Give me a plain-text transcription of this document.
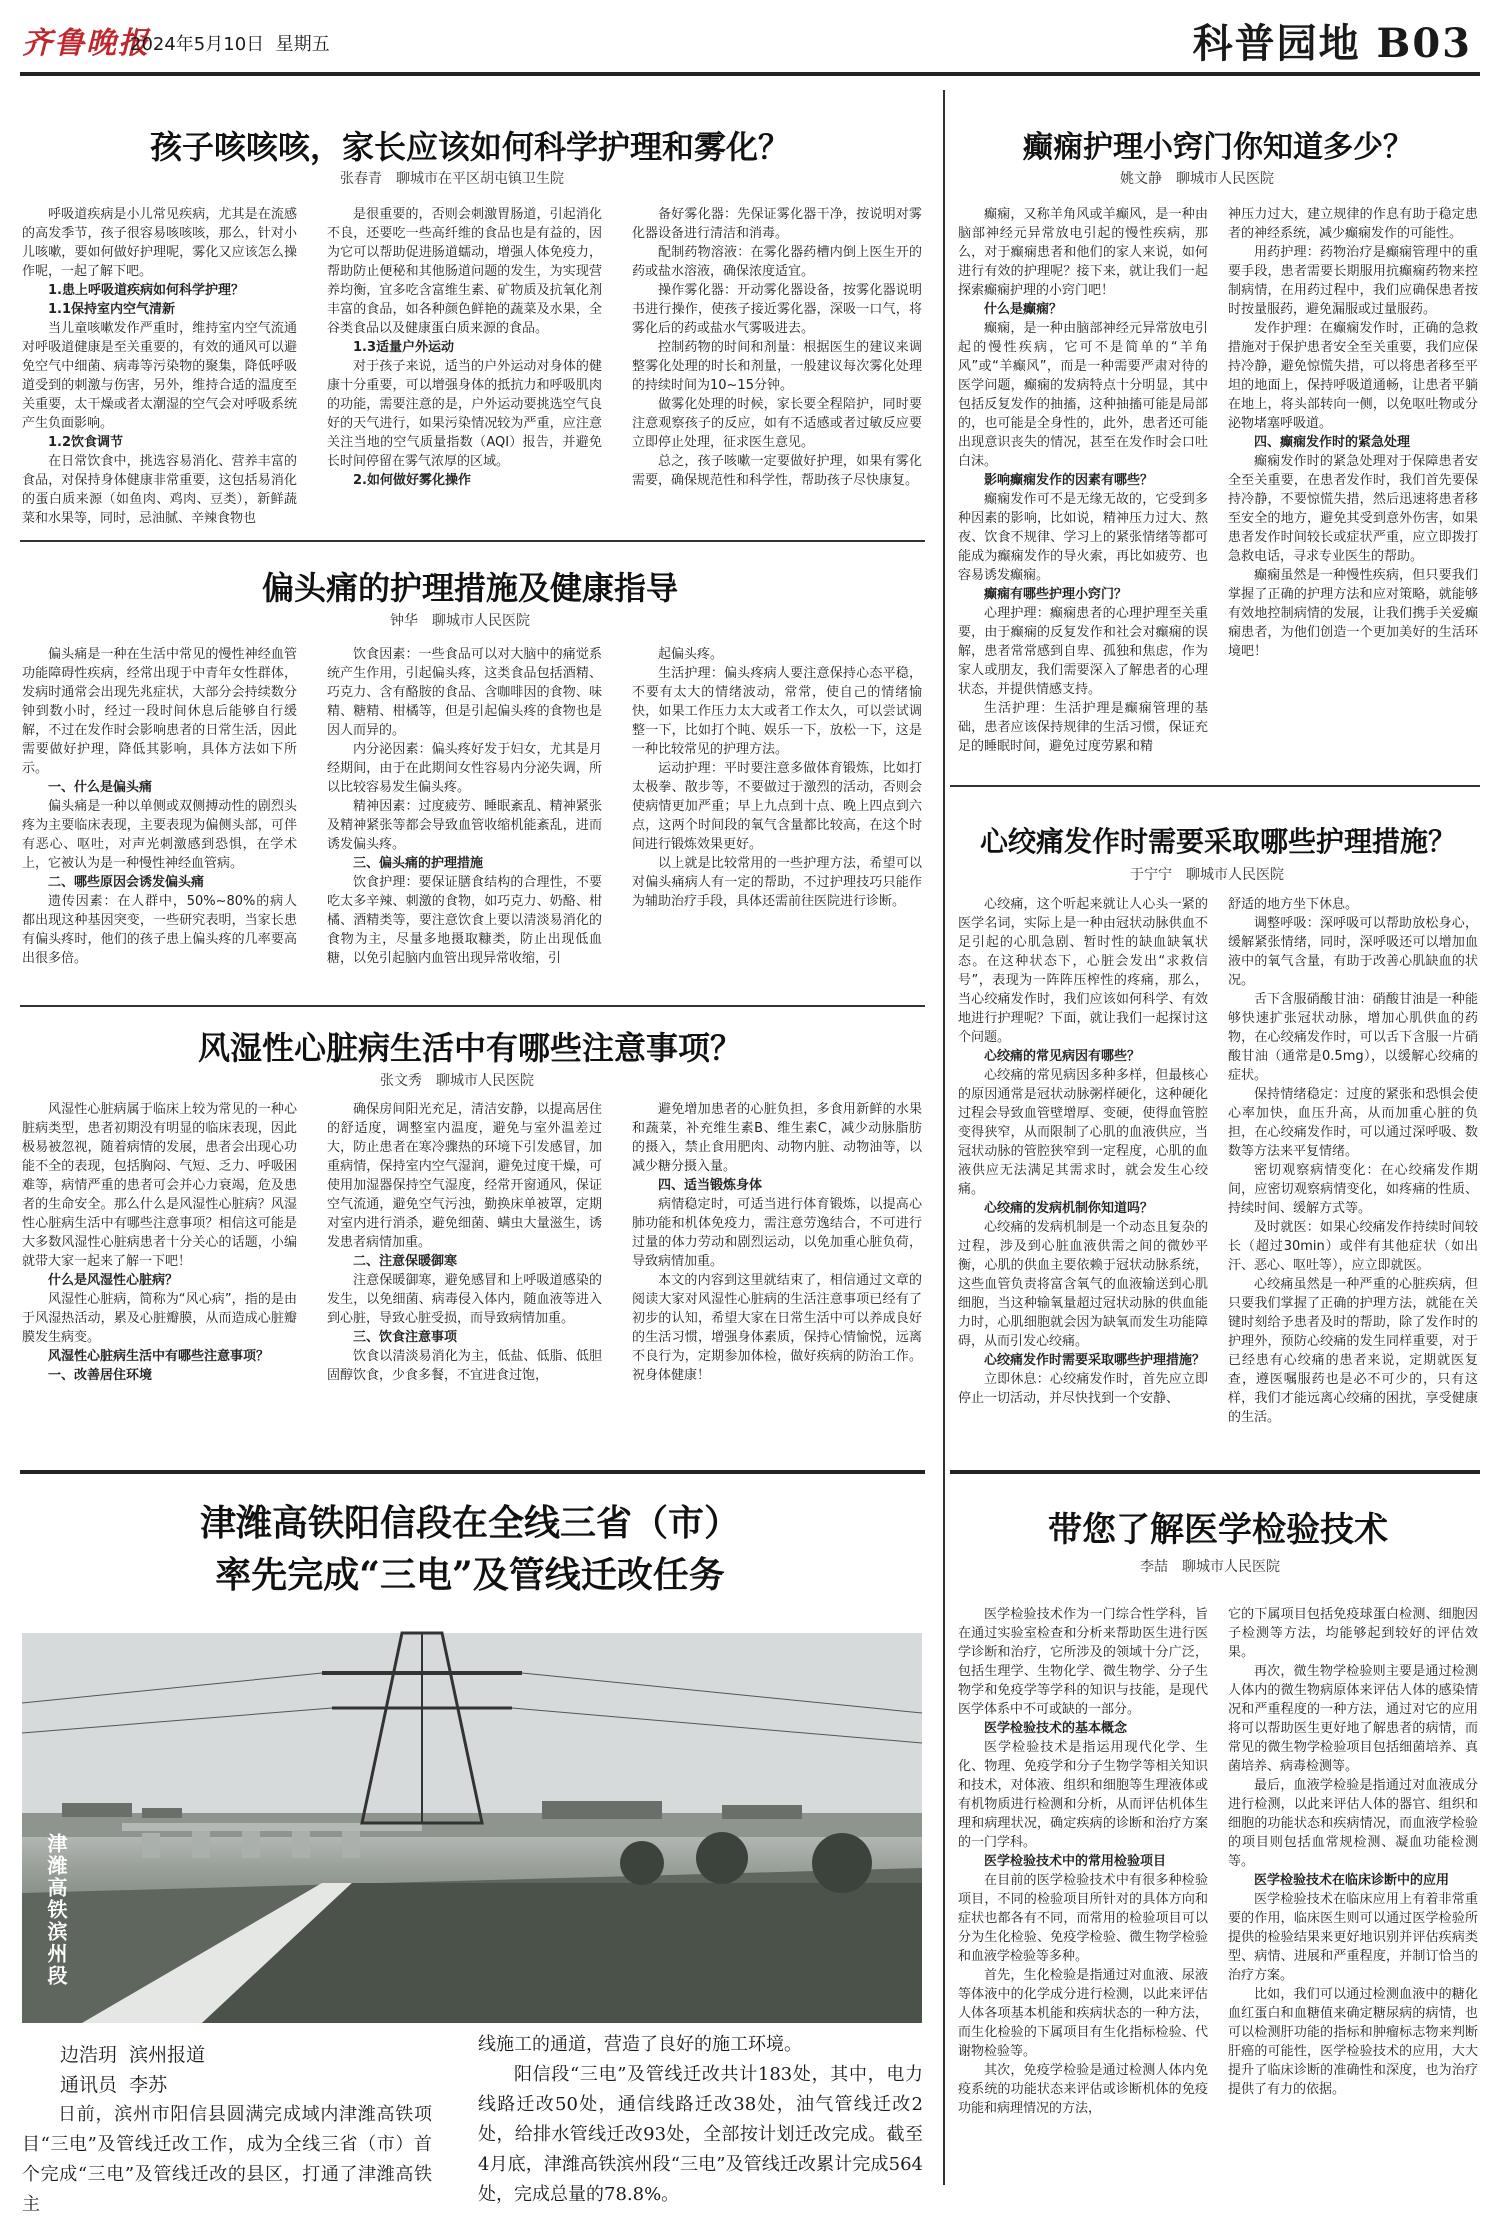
齐鲁晚报
2024年5月10日 星期五	科普园地 B03
孩子咳咳咳，家长应该如何科学护理和雾化？
张春青　聊城市在平区胡屯镇卫生院

呼吸道疾病是小儿常见疾病，尤其是在流感的高发季节，孩子很容易咳咳咳，那么，针对小儿咳嗽，要如何做好护理呢，雾化又应该怎么操作呢，一起了解下吧。

1.患上呼吸道疾病如何科学护理？

1.1保持室内空气清新

当儿童咳嗽发作严重时，维持室内空气流通对呼吸道健康是至关重要的，有效的通风可以避免空气中细菌、病毒等污染物的聚集，降低呼吸道受到的刺激与伤害，另外，维持合适的温度至关重要，太干燥或者太潮湿的空气会对呼吸系统产生负面影响。

1.2饮食调节

在日常饮食中，挑选容易消化、营养丰富的食品，对保持身体健康非常重要，这包括易消化的蛋白质来源（如鱼肉、鸡肉、豆类），新鲜蔬菜和水果等，同时，忌油腻、辛辣食物也

是很重要的，否则会刺激胃肠道，引起消化不良，还要吃一些高纤维的食品也是有益的，因为它可以帮助促进肠道蠕动，增强人体免疫力，帮助防止便秘和其他肠道问题的发生，为实现营养均衡，宜多吃含富维生素、矿物质及抗氧化剂丰富的食品，如各种颜色鲜艳的蔬菜及水果，全谷类食品以及健康蛋白质来源的食品。

1.3适量户外运动

对于孩子来说，适当的户外运动对身体的健康十分重要，可以增强身体的抵抗力和呼吸肌肉的功能，需要注意的是，户外运动要挑选空气良好的天气进行，如果污染情况较为严重，应注意关注当地的空气质量指数（AQI）报告，并避免长时间停留在雾气浓厚的区域。

2.如何做好雾化操作

备好雾化器：先保证雾化器干净，按说明对雾化器设备进行清洁和消毒。

配制药物溶液：在雾化器药槽内倒上医生开的药或盐水溶液，确保浓度适宜。

操作雾化器：开动雾化器设备，按雾化器说明书进行操作，使孩子接近雾化器，深吸一口气，将雾化后的药或盐水气雾吸进去。

控制药物的时间和剂量：根据医生的建议来调整雾化处理的时长和剂量，一般建议每次雾化处理的持续时间为10~15分钟。

做雾化处理的时候，家长要全程陪护，同时要注意观察孩子的反应，如有不适感或者过敏反应要立即停止处理，征求医生意见。

总之，孩子咳嗽一定要做好护理，如果有雾化需要，确保规范性和科学性，帮助孩子尽快康复。

偏头痛的护理措施及健康指导
钟华　聊城市人民医院

偏头痛是一种在生活中常见的慢性神经血管功能障碍性疾病，经常出现于中青年女性群体，发病时通常会出现先兆症状，大部分会持续数分钟到数小时，经过一段时间休息后能够自行缓解，不过在发作时会影响患者的日常生活，因此需要做好护理，降低其影响，具体方法如下所示。

一、什么是偏头痛

偏头痛是一种以单侧或双侧搏动性的剧烈头疼为主要临床表现，主要表现为偏侧头部，可伴有恶心、呕吐，对声光刺激感到恐惧，在学术上，它被认为是一种慢性神经血管病。

二、哪些原因会诱发偏头痛

遗传因素：在人群中，50%~80%的病人都出现这种基因突变，一些研究表明，当家长患有偏头疼时，他们的孩子患上偏头疼的几率要高出很多倍。

饮食因素：一些食品可以对大脑中的痛觉系统产生作用，引起偏头疼，这类食品包括酒精、巧克力、含有酪胺的食品、含咖啡因的食物、味精、糖精、柑橘等，但是引起偏头疼的食物也是因人而异的。

内分泌因素：偏头疼好发于妇女，尤其是月经期间，由于在此期间女性容易内分泌失调，所以比较容易发生偏头疼。

精神因素：过度疲劳、睡眠紊乱、精神紧张及精神紧张等都会导致血管收缩机能紊乱，进而诱发偏头疼。

三、偏头痛的护理措施

饮食护理：要保证膳食结构的合理性，不要吃太多辛辣、刺激的食物，如巧克力、奶酪、柑橘、酒精类等，要注意饮食上要以清淡易消化的食物为主，尽量多地摄取糠类，防止出现低血糖，以免引起脑内血管出现异常收缩，引

起偏头疼。

生活护理：偏头疼病人要注意保持心态平稳，不要有太大的情绪波动，常常，使自己的情绪愉快，如果工作压力太大或者工作太久，可以尝试调整一下，比如打个盹、娱乐一下，放松一下，这是一种比较常见的护理方法。

运动护理：平时要注意多做体育锻炼，比如打太极拳、散步等，不要做过于激烈的活动，否则会使病情更加严重；早上九点到十点、晚上四点到六点，这两个时间段的氧气含量都比较高，在这个时间进行锻炼效果更好。

以上就是比较常用的一些护理方法，希望可以对偏头痛病人有一定的帮助，不过护理技巧只能作为辅助治疗手段，具体还需前往医院进行诊断。

风湿性心脏病生活中有哪些注意事项？
张文秀　聊城市人民医院

风湿性心脏病属于临床上较为常见的一种心脏病类型，患者初期没有明显的临床表现，因此极易被忽视，随着病情的发展，患者会出现心功能不全的表现，包括胸闷、气短、乏力、呼吸困难等，病情严重的患者可会并心力衰竭，危及患者的生命安全。那么什么是风湿性心脏病？风湿性心脏病生活中有哪些注意事项？相信这可能是大多数风湿性心脏病患者十分关心的话题，小编就带大家一起来了解一下吧！

什么是风湿性心脏病？

风湿性心脏病，简称为“风心病”，指的是由于风湿热活动，累及心脏瓣膜，从而造成心脏瓣膜发生病变。

风湿性心脏病生活中有哪些注意事项？

一、改善居住环境

确保房间阳光充足，清洁安静，以提高居住的舒适度，调整室内温度，避免与室外温差过大，防止患者在寒冷骤热的环境下引发感冒，加重病情，保持室内空气湿润，避免过度干燥，可使用加湿器保持空气湿度，经常开窗通风，保证空气流通，避免空气污浊，勤换床单被罩，定期对室内进行消杀，避免细菌、螨虫大量滋生，诱发患者病情加重。

二、注意保暖御寒

注意保暖御寒，避免感冒和上呼吸道感染的发生，以免细菌、病毒侵入体内，随血液等进入到心脏，导致心脏受损，而导致病情加重。

三、饮食注意事项

饮食以清淡易消化为主，低盐、低脂、低胆固醇饮食，少食多餐，不宜进食过饱，

避免增加患者的心脏负担，多食用新鲜的水果和蔬菜，补充维生素B、维生素C，减少动脉脂肪的摄入，禁止食用肥肉、动物内脏、动物油等，以减少糖分摄入量。

四、适当锻炼身体

病情稳定时，可适当进行体育锻炼，以提高心肺功能和机体免疫力，需注意劳逸结合，不可进行过量的体力劳动和剧烈运动，以免加重心脏负荷，导致病情加重。

本文的内容到这里就结束了，相信通过文章的阅读大家对风湿性心脏病的生活注意事项已经有了初步的认知，希望大家在日常生活中可以养成良好的生活习惯，增强身体素质，保持心情愉悦，远离不良行为，定期参加体检，做好疾病的防治工作。祝身体健康！

津潍高铁阳信段在全线三省（市）
率先完成“三电”及管线迁改任务
津潍高铁滨州段
边浩玥 滨州报道
通讯员 李苏

日前，滨州市阳信县圆满完成域内津潍高铁项目“三电”及管线迁改工作，成为全线三省（市）首个完成“三电”及管线迁改的县区，打通了津潍高铁主

线施工的通道，营造了良好的施工环境。

阳信段“三电”及管线迁改共计183处，其中，电力线路迁改50处，通信线路迁改38处，油气管线迁改2处，给排水管线迁改93处，全部按计划迁改完成。截至4月底，津潍高铁滨州段“三电”及管线迁改累计完成564处，完成总量的78.8%。

癫痫护理小窍门你知道多少？
姚文静　聊城市人民医院

癫痫，又称羊角风或羊癫风，是一种由脑部神经元异常放电引起的慢性疾病，那么，对于癫痫患者和他们的家人来说，如何进行有效的护理呢？接下来，就让我们一起探索癫痫护理的小窍门吧！

什么是癫痫？

癫痫，是一种由脑部神经元异常放电引起的慢性疾病，它可不是简单的“羊角风”或“羊癫风”，而是一种需要严肃对待的医学问题，癫痫的发病特点十分明显，其中包括反复发作的抽搐，这种抽搐可能是局部的，也可能是全身性的，此外，患者还可能出现意识丧失的情况，甚至在发作时会口吐白沫。

影响癫痫发作的因素有哪些？

癫痫发作可不是无缘无故的，它受到多种因素的影响，比如说，精神压力过大、熬夜、饮食不规律、学习上的紧张情绪等都可能成为癫痫发作的导火索，再比如疲劳、也容易诱发癫痫。

癫痫有哪些护理小窍门？

心理护理：癫痫患者的心理护理至关重要，由于癫痫的反复发作和社会对癫痫的误解，患者常常感到自卑、孤独和焦虑，作为家人或朋友，我们需要深入了解患者的心理状态，并提供情感支持。

生活护理：生活护理是癫痫管理的基础，患者应该保持规律的生活习惯，保证充足的睡眠时间，避免过度劳累和精

神压力过大，建立规律的作息有助于稳定患者的神经系统，减少癫痫发作的可能性。

用药护理：药物治疗是癫痫管理中的重要手段，患者需要长期服用抗癫痫药物来控制病情，在用药过程中，我们应确保患者按时按量服药，避免漏服或过量服药。

发作护理：在癫痫发作时，正确的急救措施对于保护患者安全至关重要，我们应保持冷静，避免惊慌失措，可以将患者移至平坦的地面上，保持呼吸道通畅，让患者平躺在地上，将头部转向一侧，以免呕吐物或分泌物堵塞呼吸道。

四、癫痫发作时的紧急处理

癫痫发作时的紧急处理对于保障患者安全至关重要，在患者发作时，我们首先要保持冷静，不要惊慌失措，然后迅速将患者移至安全的地方，避免其受到意外伤害，如果患者发作时间较长或症状严重，应立即拨打急救电话，寻求专业医生的帮助。

癫痫虽然是一种慢性疾病，但只要我们掌握了正确的护理方法和应对策略，就能够有效地控制病情的发展，让我们携手关爱癫痫患者，为他们创造一个更加美好的生活环境吧！

心绞痛发作时需要采取哪些护理措施？
于宁宁　聊城市人民医院

心绞痛，这个听起来就让人心头一紧的医学名词，实际上是一种由冠状动脉供血不足引起的心肌急剧、暂时性的缺血缺氧状态。在这种状态下，心脏会发出“求救信号”，表现为一阵阵压榨性的疼痛，那么，当心绞痛发作时，我们应该如何科学、有效地进行护理呢？下面，就让我们一起探讨这个问题。

心绞痛的常见病因有哪些？

心绞痛的常见病因多种多样，但最核心的原因通常是冠状动脉粥样硬化，这种硬化过程会导致血管壁增厚、变硬，使得血管腔变得狭窄，从而限制了心肌的血液供应，当冠状动脉的管腔狭窄到一定程度，心肌的血液供应无法满足其需求时，就会发生心绞痛。

心绞痛的发病机制你知道吗？

心绞痛的发病机制是一个动态且复杂的过程，涉及到心脏血液供需之间的微妙平衡，心肌的供血主要依赖于冠状动脉系统，这些血管负责将富含氧气的血液输送到心肌细胞，当这种输氧量超过冠状动脉的供血能力时，心肌细胞就会因为缺氧而发生功能障碍，从而引发心绞痛。

心绞痛发作时需要采取哪些护理措施？

立即休息：心绞痛发作时，首先应立即停止一切活动，并尽快找到一个安静、

舒适的地方坐下休息。

调整呼吸：深呼吸可以帮助放松身心，缓解紧张情绪，同时，深呼吸还可以增加血液中的氧气含量，有助于改善心肌缺血的状况。

舌下含服硝酸甘油：硝酸甘油是一种能够快速扩张冠状动脉，增加心肌供血的药物，在心绞痛发作时，可以舌下含服一片硝酸甘油（通常是0.5mg），以缓解心绞痛的症状。

保持情绪稳定：过度的紧张和恐惧会使心率加快，血压升高，从而加重心脏的负担，在心绞痛发作时，可以通过深呼吸、数数等方法来平复情绪。

密切观察病情变化：在心绞痛发作期间，应密切观察病情变化，如疼痛的性质、持续时间、缓解方式等。

及时就医：如果心绞痛发作持续时间较长（超过30min）或伴有其他症状（如出汗、恶心、呕吐等），应立即就医。

心绞痛虽然是一种严重的心脏疾病，但只要我们掌握了正确的护理方法，就能在关键时刻给予患者及时的帮助，除了发作时的护理外，预防心绞痛的发生同样重要，对于已经患有心绞痛的患者来说，定期就医复查，遵医嘱服药也是必不可少的，只有这样，我们才能远离心绞痛的困扰，享受健康的生活。

带您了解医学检验技术
李喆　聊城市人民医院

医学检验技术作为一门综合性学科，旨在通过实验室检查和分析来帮助医生进行医学诊断和治疗，它所涉及的领域十分广泛，包括生理学、生物化学、微生物学、分子生物学和免疫学等学科的知识与技能，是现代医学体系中不可或缺的一部分。

医学检验技术的基本概念

医学检验技术是指运用现代化学、生化、物理、免疫学和分子生物学等相关知识和技术，对体液、组织和细胞等生理液体或有机物质进行检测和分析，从而评估机体生理和病理状况，确定疾病的诊断和治疗方案的一门学科。

医学检验技术中的常用检验项目

在目前的医学检验技术中有很多种检验项目，不同的检验项目所针对的具体方向和症状也都各有不同，而常用的检验项目可以分为生化检验、免疫学检验、微生物学检验和血液学检验等多种。

首先，生化检验是指通过对血液、尿液等体液中的化学成分进行检测，以此来评估人体各项基本机能和疾病状态的一种方法，而生化检验的下属项目有生化指标检验、代谢物检验等。

其次，免疫学检验是通过检测人体内免疫系统的功能状态来评估或诊断机体的免疫功能和病理情况的方法，

它的下属项目包括免疫球蛋白检测、细胞因子检测等方法，均能够起到较好的评估效果。

再次，微生物学检验则主要是通过检测人体内的微生物病原体来评估人体的感染情况和严重程度的一种方法，通过对它的应用将可以帮助医生更好地了解患者的病情，而常见的微生物学检验项目包括细菌培养、真菌培养、病毒检测等。

最后，血液学检验是指通过对血液成分进行检测，以此来评估人体的器官、组织和细胞的功能状态和疾病情况，而血液学检验的项目则包括血常规检测、凝血功能检测等。

医学检验技术在临床诊断中的应用

医学检验技术在临床应用上有着非常重要的作用，临床医生则可以通过医学检验所提供的检验结果来更好地识别并评估疾病类型、病情、进展和严重程度，并制订恰当的治疗方案。

比如，我们可以通过检测血液中的糖化血红蛋白和血糖值来确定糖尿病的病情，也可以检测肝功能的指标和肿瘤标志物来判断肝癌的可能性，医学检验技术的应用，大大提升了临床诊断的准确性和深度，也为治疗提供了有力的依据。
